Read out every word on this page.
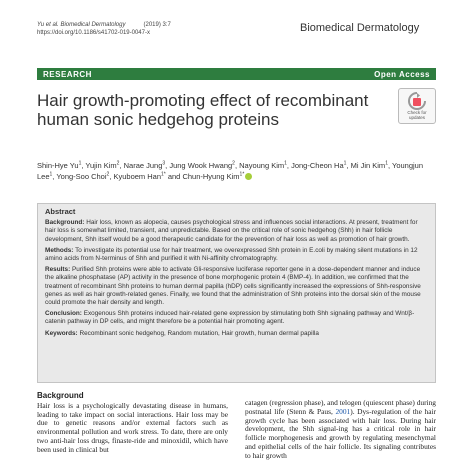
Yu et al. Biomedical Dermatology	(2019) 3:7
https://doi.org/10.1186/s41702-019-0047-x	Biomedical Dermatology
RESEARCH	Open Access
Hair growth-promoting effect of recombinant human sonic hedgehog proteins	Check for
updates
Shin-Hye Yu$^1$, Yujin Kim$^2$, Narae Jung$^3$, Jung Wook Hwang$^2$, Nayoung Kim$^1$, Jong-Cheon Ha$^1$, Mi Jin Kim$^1$, Youngjun Lee$^1$, Yong-Soo Choi$^2$, Kyuboem Han$^{1*}$ and Chun-Hyung Kim$^{1*}$
Abstract

Background: Hair loss, known as alopecia, causes psychological stress and influences social interactions. At present, treatment for hair loss is somewhat limited, transient, and unpredictable. Based on the critical role of sonic hedgehog (Shh) in hair follicle development, Shh itself would be a good therapeutic candidate for the prevention of hair loss as well as promotion of hair growth.

Methods: To investigate its potential use for hair treatment, we overexpressed Shh protein in E.coli by making silent mutations in 12 amino acids from N-terminus of Shh and purified it with Ni-affinity chromatography.

Results: Purified Shh proteins were able to activate Gli-responsive luciferase reporter gene in a dose-dependent manner and induce the alkaline phosphatase (AP) activity in the presence of bone morphogenic protein 4 (BMP-4). In addition, we confirmed that the treatment of recombinant Shh proteins to human dermal papilla (hDP) cells significantly increased the expressions of Shh-responsive genes as well as hair growth-related genes. Finally, we found that the administration of Shh proteins into the dorsal skin of the mouse could promote the hair density and length.

Conclusion: Exogenous Shh proteins induced hair-related gene expression by stimulating both Shh signaling pathway and Wnt/β-catenin pathway in DP cells, and might therefore be a potential hair promoting agent.

Keywords: Recombinant sonic hedgehog, Random mutation, Hair growth, human dermal papilla

Background
Hair loss is a psychologically devastating disease in humans, leading to take impact on social interactions. Hair loss may be due to genetic reasons and/or external factors such as environmental pollution and work stress. To date, there are only two anti-hair loss drugs, finaste-ride and minoxidil, which have been used in clinical but
catagen (regression phase), and telogen (quiescent phase) during postnatal life (Stenn & Paus, 2001). Dys-regulation of the hair growth cycle has been associated with hair loss. During hair development, the Shh signal-ing has a critical role in hair follicle morphogenesis and growth by regulating mesenchymal and epithelial cells of the hair follicle. Its signaling contributes to hair growth
